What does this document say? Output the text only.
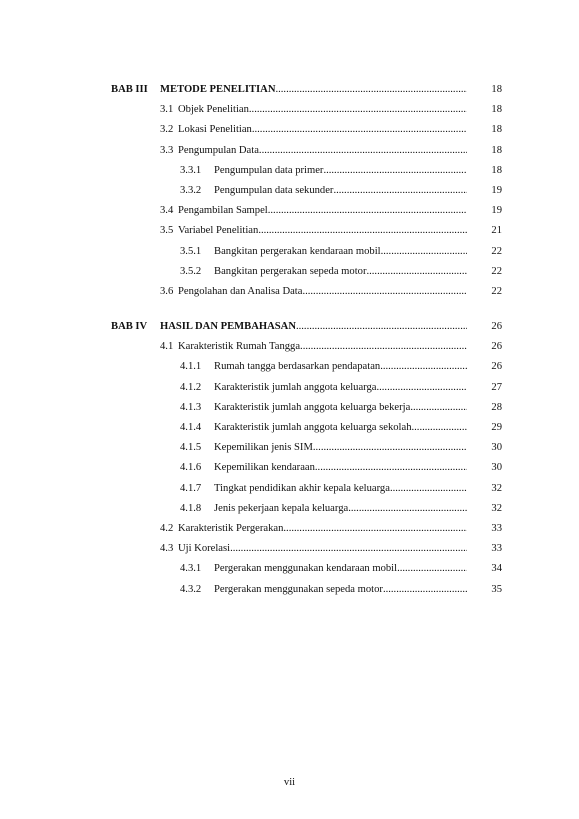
BAB III METODE PENELITIAN .....	18
3.1 Objek Penelitian .....	18
3.2 Lokasi Penelitian .....	18
3.3 Pengumpulan Data .....	18
3.3.1	Pengumpulan data primer .....	18
3.3.2	Pengumpulan data sekunder .....	19
3.4 Pengambilan Sampel .....	19
3.5 Variabel Penelitian .....	21
3.5.1	Bangkitan pergerakan kendaraan mobil .....	22
3.5.2	Bangkitan pergerakan sepeda motor .....	22
3.6 Pengolahan dan Analisa Data .....	22
BAB IV HASIL DAN PEMBAHASAN .....	26
4.1 Karakteristik Rumah Tangga .....	26
4.1.1	Rumah tangga berdasarkan pendapatan .....	26
4.1.2	Karakteristik jumlah anggota keluarga .....	27
4.1.3	Karakteristik jumlah anggota keluarga bekerja .....	28
4.1.4	Karakteristik jumlah anggota keluarga sekolah .....	29
4.1.5	Kepemilikan jenis SIM .....	30
4.1.6	Kepemilikan kendaraan .....	30
4.1.7	Tingkat pendidikan akhir kepala keluarga .....	32
4.1.8	Jenis pekerjaan kepala keluarga .....	32
4.2 Karakteristik Pergerakan .....	33
4.3 Uji Korelasi .....	33
4.3.1	Pergerakan menggunakan kendaraan mobil .....	34
4.3.2	Pergerakan menggunakan sepeda motor .....	35
vii
